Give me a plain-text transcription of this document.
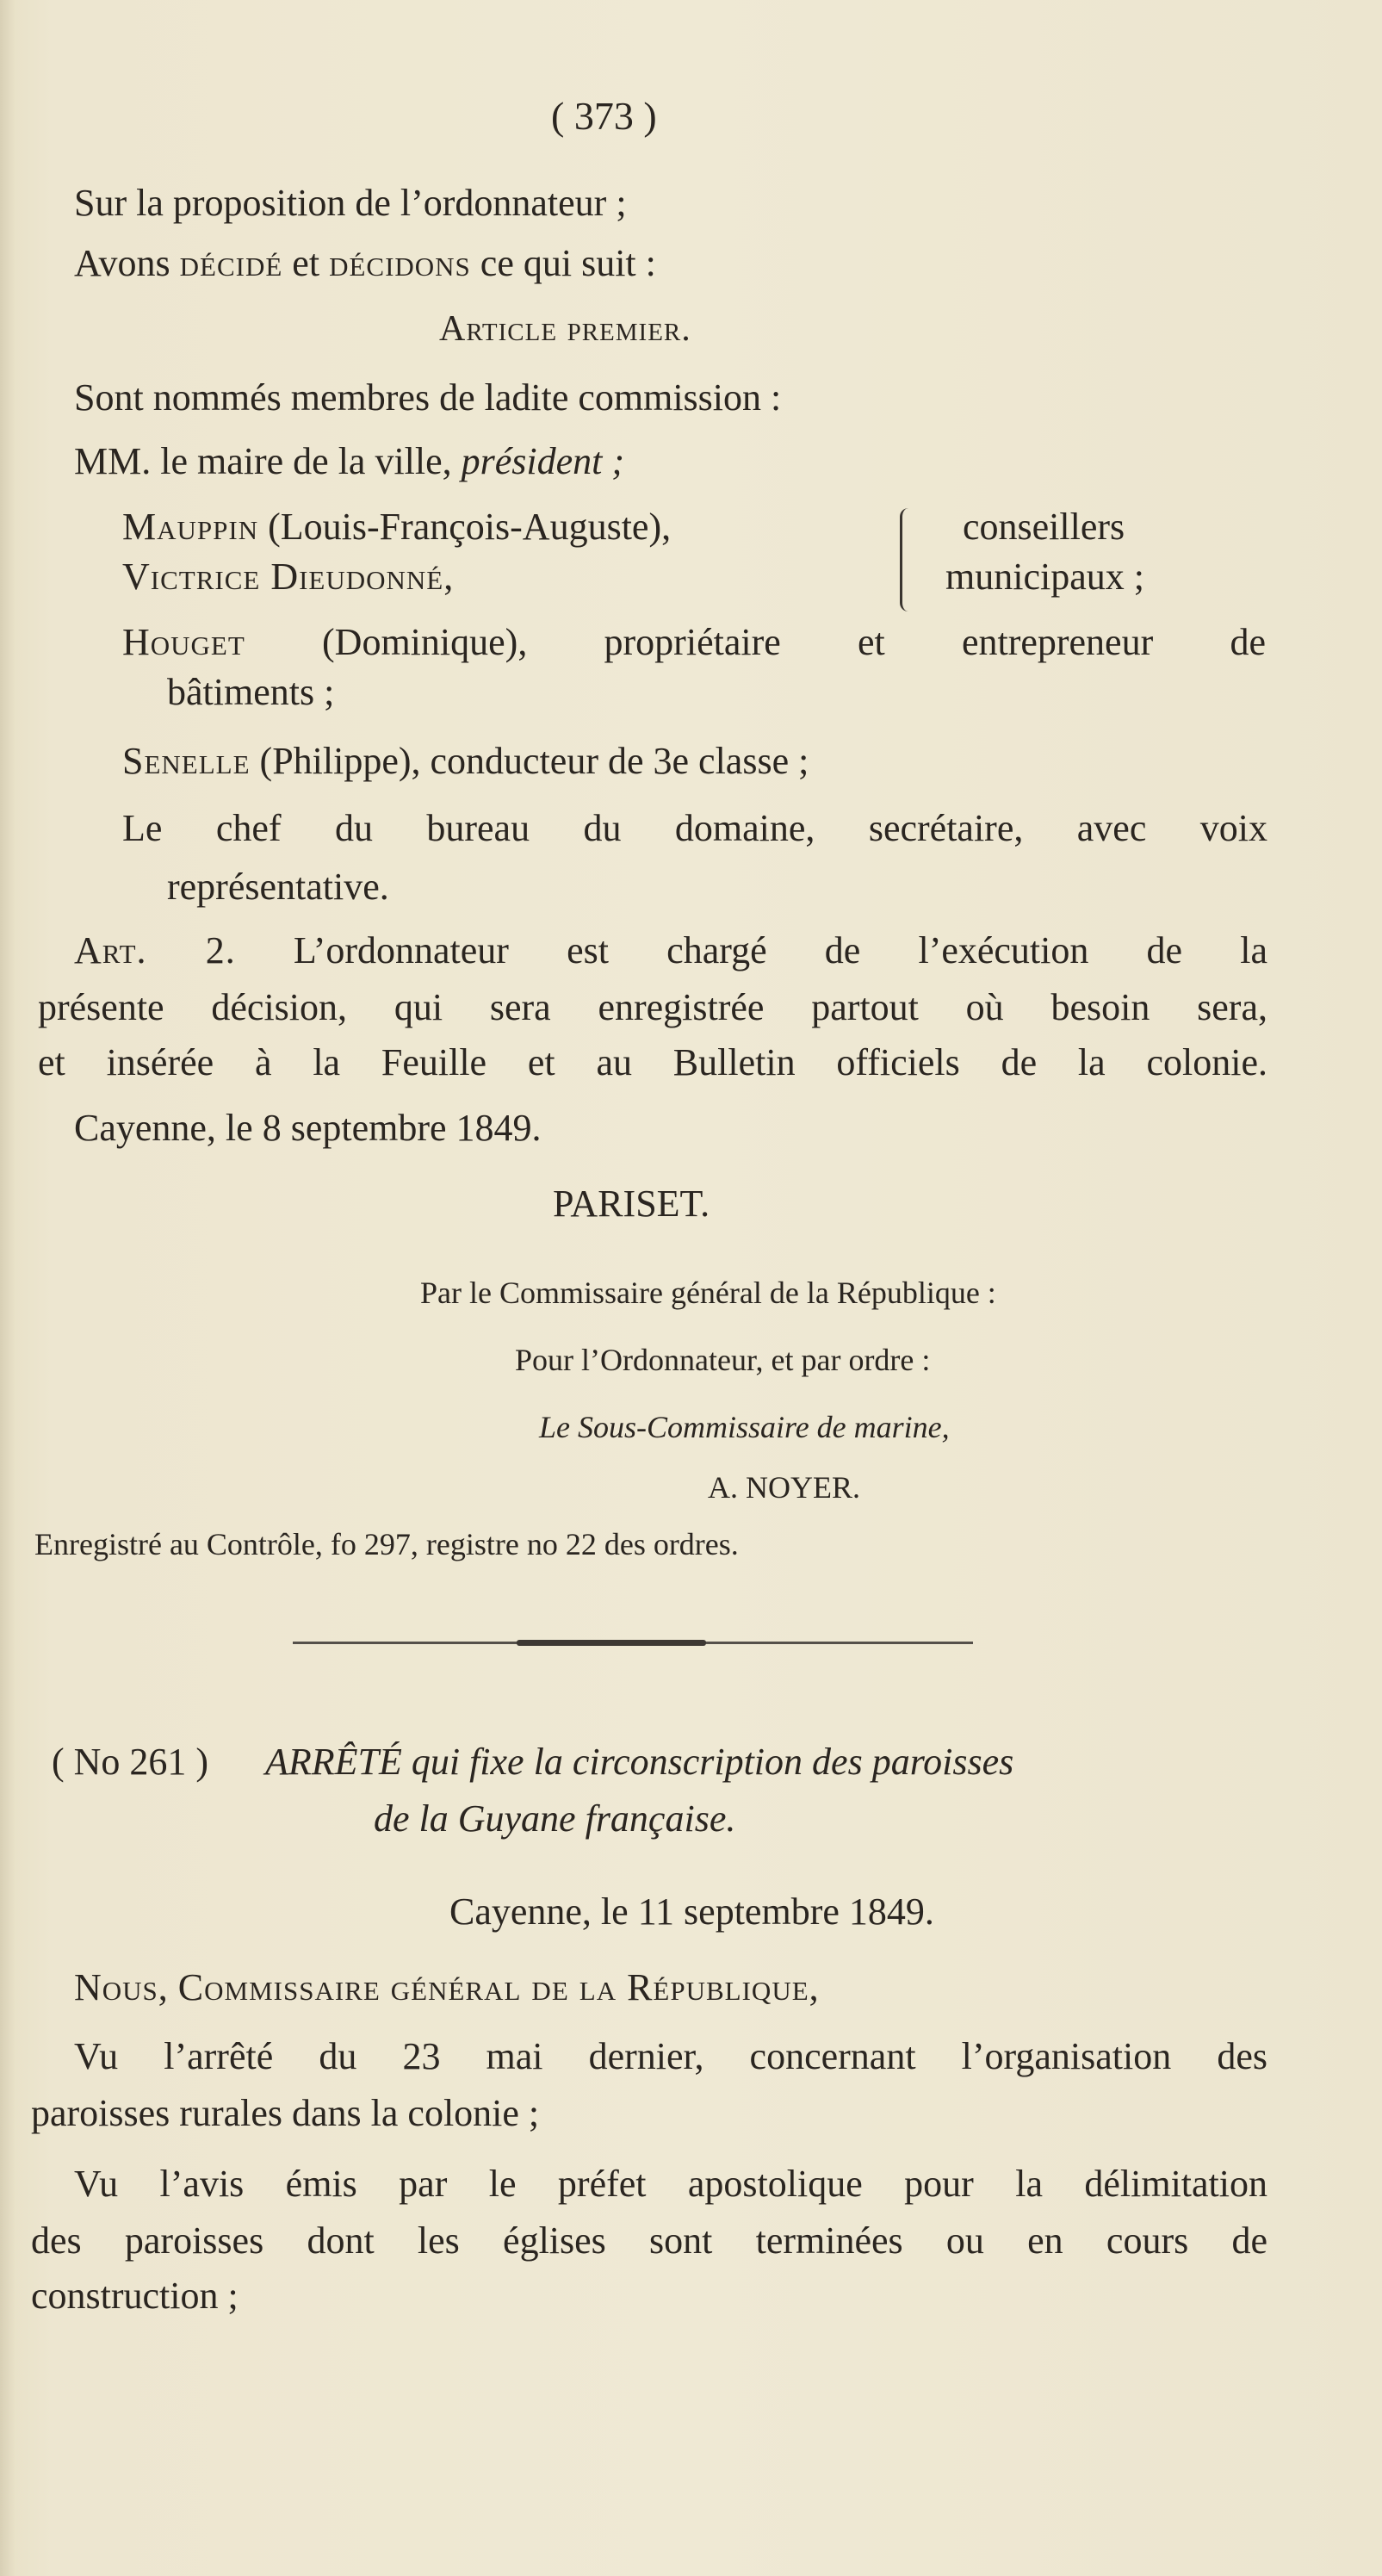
( 373 )
Sur la proposition de l’ordonnateur ;
Avons décidé et décidons ce qui suit :
Article premier.
Sont nommés membres de ladite commission :
MM. le maire de la ville, président ;
Mauppin (Louis-François-Auguste),
Victrice Dieudonné,
conseillers
municipaux ;
Houget (Dominique), propriétaire et entrepreneur de
bâtiments ;
Senelle (Philippe), conducteur de 3e classe ;
Le chef du bureau du domaine, secrétaire, avec voix
représentative.
Art. 2. L’ordonnateur est chargé de l’exécution de la
présente décision, qui sera enregistrée partout où besoin sera,
et insérée à la Feuille et au Bulletin officiels de la colonie.
Cayenne, le 8 septembre 1849.
PARISET.
Par le Commissaire général de la République :
Pour l’Ordonnateur, et par ordre :
Le Sous-Commissaire de marine,
A. NOYER.
Enregistré au Contrôle, fo 297, registre no 22 des ordres.
( No 261 ) ARRÊTÉ qui fixe la circonscription des paroisses
de la Guyane française.
Cayenne, le 11 septembre 1849.
Nous, Commissaire général de la République,
Vu l’arrêté du 23 mai dernier, concernant l’organisation des
paroisses rurales dans la colonie ;
Vu l’avis émis par le préfet apostolique pour la délimitation
des paroisses dont les églises sont terminées ou en cours de
construction ;
